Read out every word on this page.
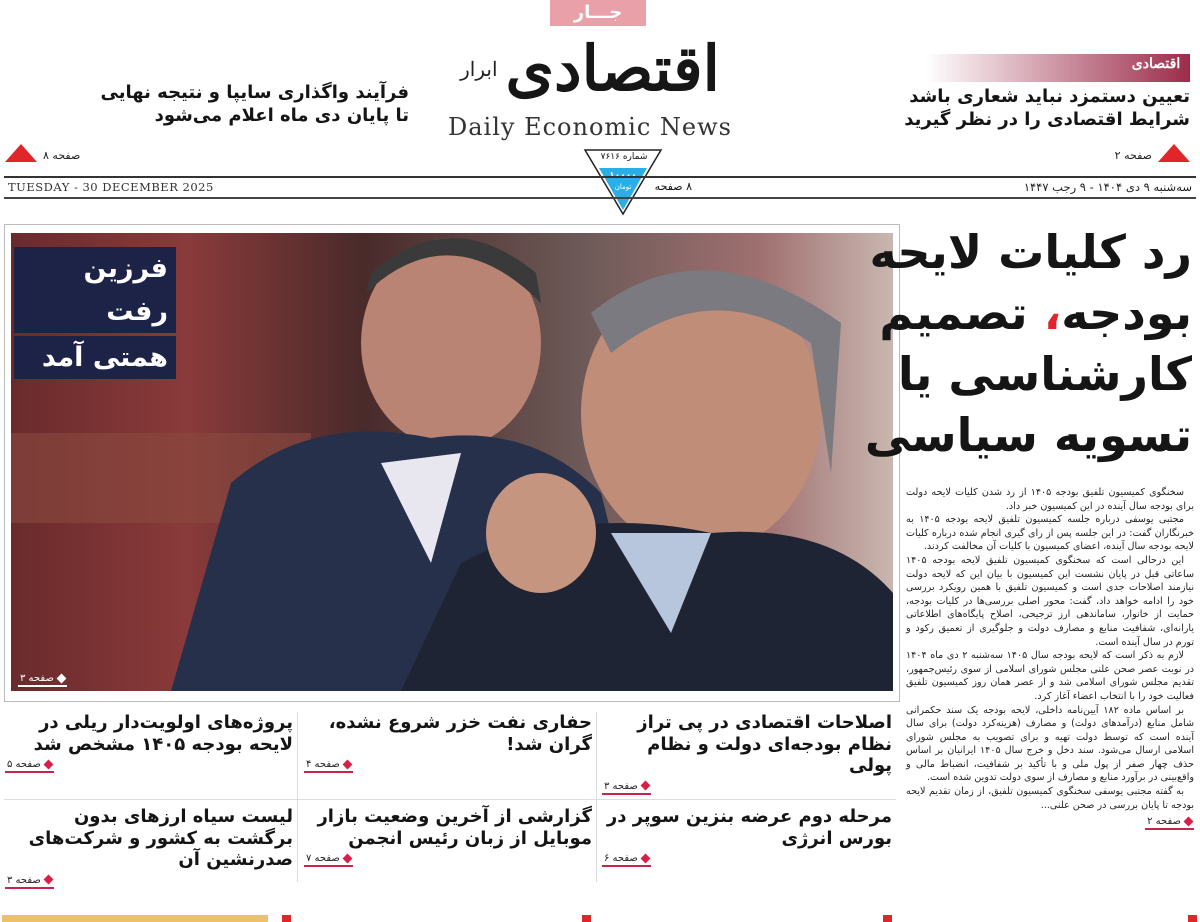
جـــار
ابرار اقتصادی
Daily Economic News
شماره ۷۶۱۶
تومان
اقتصادی
تعیین دستمزد نباید شعاری باشد
شرایط اقتصادی را در نظر گیرید
صفحه ۲
فرآیند واگذاری سایپا و نتیجه نهایی
تا پایان دی ماه اعلام می‌شود
صفحه ۸
TUESDAY - 30 DECEMBER 2025	سه‌شنبه ۹ دی ۱۴۰۴ - ۹ رجب ۱۴۴۷
۸ صفحه
فرزین رفت
همتی آمد
صفحه ۳
رد کلیات لایحه
بودجه، تصمیم
کارشناسی یا
تسویه سیاسی

سخنگوی کمیسیون تلفیق بودجه ۱۴۰۵ از رد شدن کلیات لایحه دولت برای بودجه سال آینده در این کمیسیون خبر داد.

مجتبی یوسفی درباره جلسه کمیسیون تلفیق لایحه بودجه ۱۴۰۵ به خبرنگاران گفت: در این جلسه پس از رای گیری انجام شده درباره کلیات لایحه بودجه سال آینده، اعضای کمیسیون با کلیات آن مخالفت کردند.

این درحالی است که سخنگوی کمیسیون تلفیق لایحه بودجه ۱۴۰۵ ساعاتی قبل در پایان نشست این کمیسیون با بیان این که لایحه دولت نیازمند اصلاحات جدی است و کمیسیون تلفیق با همین رویکرد بررسی خود را ادامه خواهد داد، گفت: محور اصلی بررسی‌ها در کلیات بودجه، حمایت از خانوار، ساماندهی ارز ترجیحی، اصلاح پایگاه‌های اطلاعاتی یارانه‌ای، شفافیت منابع و مصارف دولت و جلوگیری از تعمیق رکود و تورم در سال آینده است.

لازم به ذکر است که لایحه بودجه سال ۱۴۰۵ سه‌شنبه ۲ دی ماه ۱۴۰۴ در نوبت عصر صحن علنی مجلس شورای اسلامی از سوی رئیس‌جمهور، تقدیم مجلس شورای اسلامی شد و از عصر همان روز کمیسیون تلفیق فعالیت خود را با انتخاب اعضاء آغاز کرد.

بر اساس ماده ۱۸۲ آیین‌نامه داخلی، لایحه بودجه یک سند حکمرانی شامل منابع (درآمدهای دولت) و مصارف (هزینه‌کرد دولت) برای سال آینده است که توسط دولت تهیه و برای تصویب به مجلس شورای اسلامی ارسال می‌شود. سند دخل و خرج سال ۱۴۰۵ ایرانیان بر اساس حذف چهار صفر از پول ملی و با تأکید بر شفافیت، انضباط مالی و واقع‌بینی در برآورد منابع و مصارف از سوی دولت تدوین شده است.

به گفته مجتبی یوسفی سخنگوی کمیسیون تلفیق، از زمان تقدیم لایحه بودجه تا پایان بررسی در صحن علنی...

صفحه ۲
اصلاحات اقتصادی در پی تراز نظام بودجه‌ای دولت و نظام پولی
صفحه ۳
حفاری نفت خزر شروع نشده، گران شد!
صفحه ۴
پروژه‌های اولویت‌دار ریلی در لایحه بودجه ۱۴۰۵ مشخص شد
صفحه ۵
مرحله دوم عرضه بنزین سوپر در بورس انرژی
صفحه ۶
گزارشی از آخرین وضعیت بازار موبایل از زبان رئیس انجمن
صفحه ۷
لیست سیاه ارزهای بدون برگشت به کشور و شرکت‌های صدرنشین آن
صفحه ۳
